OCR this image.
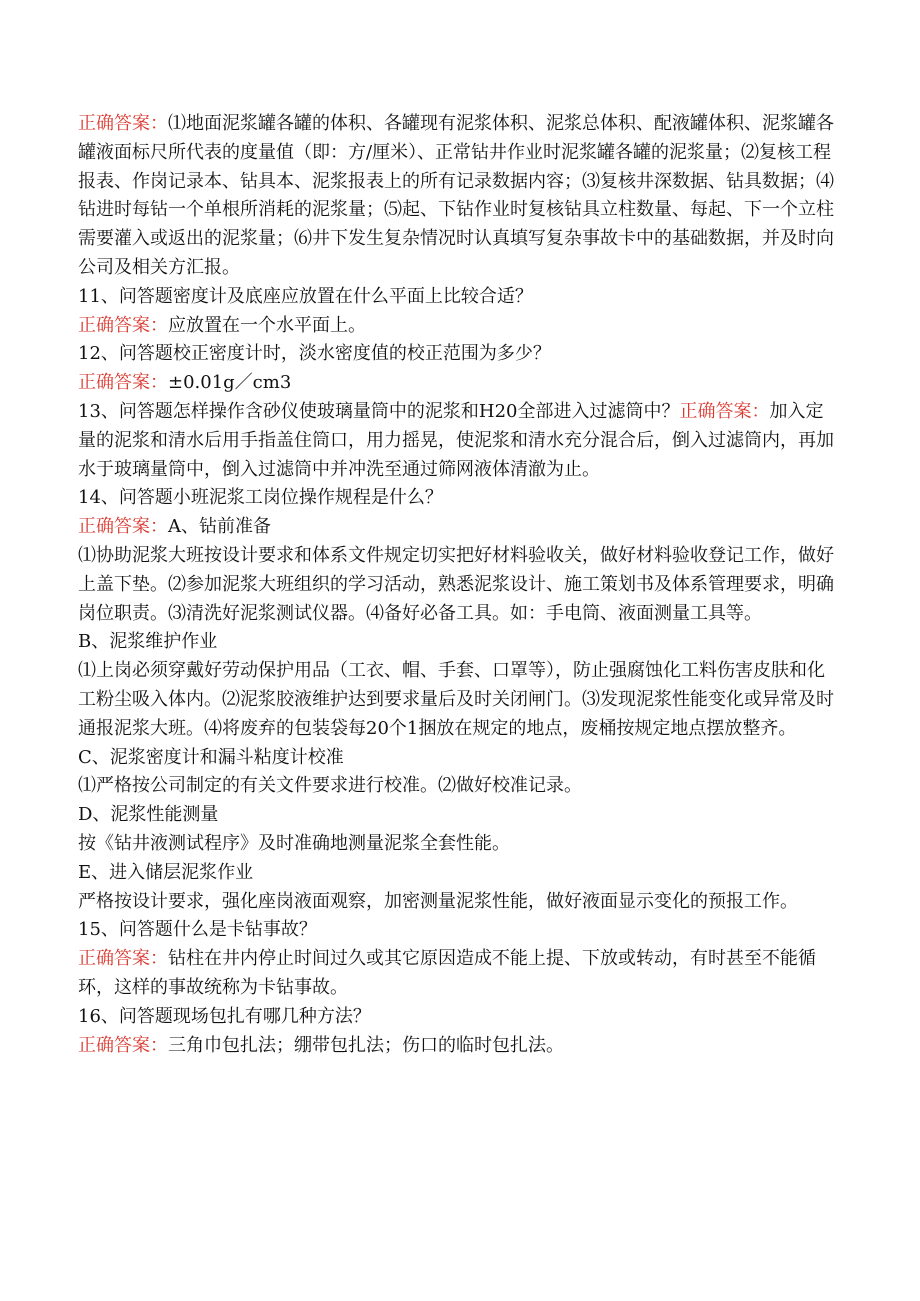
正确答案：⑴地面泥浆罐各罐的体积、各罐现有泥浆体积、泥浆总体积、配液罐体积、泥浆罐各罐液面标尺所代表的度量值（即：方/厘米）、正常钻井作业时泥浆罐各罐的泥浆量；⑵复核工程报表、作岗记录本、钻具本、泥浆报表上的所有记录数据内容；⑶复核井深数据、钻具数据；⑷钻进时每钻一个单根所消耗的泥浆量；⑸起、下钻作业时复核钻具立柱数量、每起、下一个立柱需要灌入或返出的泥浆量；⑹井下发生复杂情况时认真填写复杂事故卡中的基础数据，并及时向公司及相关方汇报。

11、问答题密度计及底座应放置在什么平面上比较合适？

正确答案：应放置在一个水平面上。

12、问答题校正密度计时，淡水密度值的校正范围为多少？

正确答案：±0.01g／cm3

13、问答题怎样操作含砂仪使玻璃量筒中的泥浆和H20全部进入过滤筒中？正确答案：加入定量的泥浆和清水后用手指盖住筒口，用力摇晃，使泥浆和清水充分混合后，倒入过滤筒内，再加水于玻璃量筒中，倒入过滤筒中并冲洗至通过筛网液体清澈为止。

14、问答题小班泥浆工岗位操作规程是什么？

正确答案：A、钻前准备

⑴协助泥浆大班按设计要求和体系文件规定切实把好材料验收关，做好材料验收登记工作，做好上盖下垫。⑵参加泥浆大班组织的学习活动，熟悉泥浆设计、施工策划书及体系管理要求，明确岗位职责。⑶清洗好泥浆测试仪器。⑷备好必备工具。如：手电筒、液面测量工具等。

B、泥浆维护作业

⑴上岗必须穿戴好劳动保护用品（工衣、帽、手套、口罩等），防止强腐蚀化工料伤害皮肤和化工粉尘吸入体内。⑵泥浆胶液维护达到要求量后及时关闭闸门。⑶发现泥浆性能变化或异常及时通报泥浆大班。⑷将废弃的包装袋每20个1捆放在规定的地点，废桶按规定地点摆放整齐。

C、泥浆密度计和漏斗粘度计校准

⑴严格按公司制定的有关文件要求进行校准。⑵做好校准记录。

D、泥浆性能测量

按《钻井液测试程序》及时准确地测量泥浆全套性能。

E、进入储层泥浆作业

严格按设计要求，强化座岗液面观察，加密测量泥浆性能，做好液面显示变化的预报工作。

15、问答题什么是卡钻事故？

正确答案：钻柱在井内停止时间过久或其它原因造成不能上提、下放或转动，有时甚至不能循环，这样的事故统称为卡钻事故。

16、问答题现场包扎有哪几种方法？

正确答案：三角巾包扎法；绷带包扎法；伤口的临时包扎法。
